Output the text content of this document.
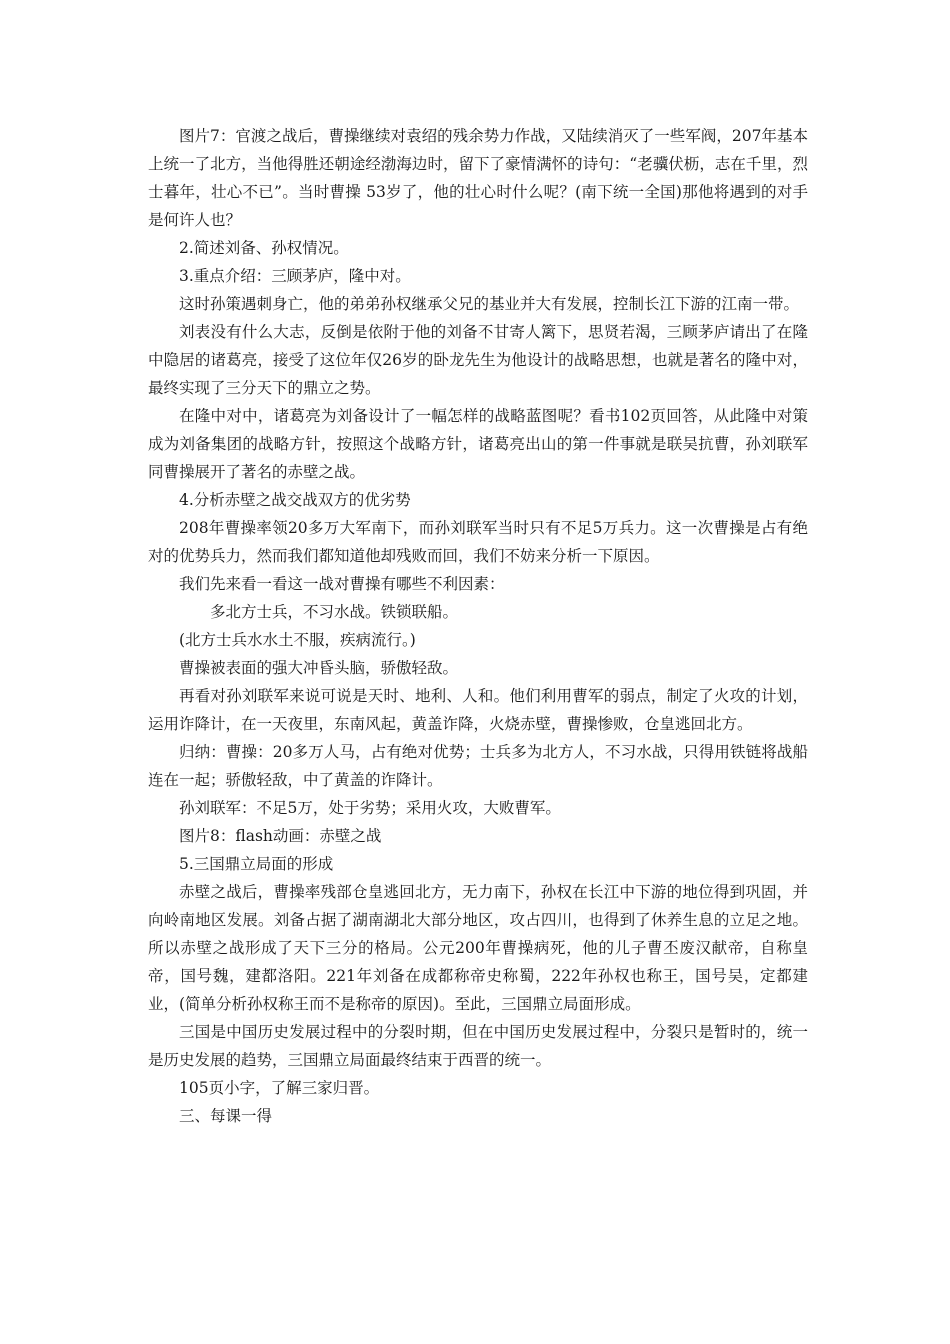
图片7：官渡之战后，曹操继续对袁绍的残余势力作战，又陆续消灭了一些军阀，207年基本上统一了北方，当他得胜还朝途经渤海边时，留下了豪情满怀的诗句：“老骥伏枥，志在千里，烈士暮年，壮心不已”。当时曹操 53岁了，他的壮心时什么呢？(南下统一全国)那他将遇到的对手是何许人也？

2.简述刘备、孙权情况。

3.重点介绍：三顾茅庐，隆中对。

这时孙策遇刺身亡，他的弟弟孙权继承父兄的基业并大有发展，控制长江下游的江南一带。

刘表没有什么大志，反倒是依附于他的刘备不甘寄人篱下，思贤若渴，三顾茅庐请出了在隆中隐居的诸葛亮，接受了这位年仅26岁的卧龙先生为他设计的战略思想，也就是著名的隆中对，最终实现了三分天下的鼎立之势。

在隆中对中，诸葛亮为刘备设计了一幅怎样的战略蓝图呢？看书102页回答，从此隆中对策成为刘备集团的战略方针，按照这个战略方针，诸葛亮出山的第一件事就是联吴抗曹，孙刘联军同曹操展开了著名的赤壁之战。

4.分析赤壁之战交战双方的优劣势

208年曹操率领20多万大军南下，而孙刘联军当时只有不足5万兵力。这一次曹操是占有绝对的优势兵力，然而我们都知道他却残败而回，我们不妨来分析一下原因。

我们先来看一看这一战对曹操有哪些不利因素：

多北方士兵，不习水战。铁锁联船。

(北方士兵水水土不服，疾病流行。)

曹操被表面的强大冲昏头脑，骄傲轻敌。

再看对孙刘联军来说可说是天时、地利、人和。他们利用曹军的弱点，制定了火攻的计划，运用诈降计，在一天夜里，东南风起，黄盖诈降，火烧赤壁，曹操惨败，仓皇逃回北方。

归纳：曹操：20多万人马，占有绝对优势；士兵多为北方人，不习水战，只得用铁链将战船连在一起；骄傲轻敌，中了黄盖的诈降计。

孙刘联军：不足5万，处于劣势；采用火攻，大败曹军。

图片8：flash动画：赤壁之战

5.三国鼎立局面的形成

赤壁之战后，曹操率残部仓皇逃回北方，无力南下，孙权在长江中下游的地位得到巩固，并向岭南地区发展。刘备占据了湖南湖北大部分地区，攻占四川，也得到了休养生息的立足之地。所以赤壁之战形成了天下三分的格局。公元200年曹操病死，他的儿子曹丕废汉献帝，自称皇帝，国号魏，建都洛阳。221年刘备在成都称帝史称蜀，222年孙权也称王，国号吴，定都建业，(简单分析孙权称王而不是称帝的原因)。至此，三国鼎立局面形成。

三国是中国历史发展过程中的分裂时期，但在中国历史发展过程中，分裂只是暂时的，统一是历史发展的趋势，三国鼎立局面最终结束于西晋的统一。

105页小字，了解三家归晋。

三、每课一得
